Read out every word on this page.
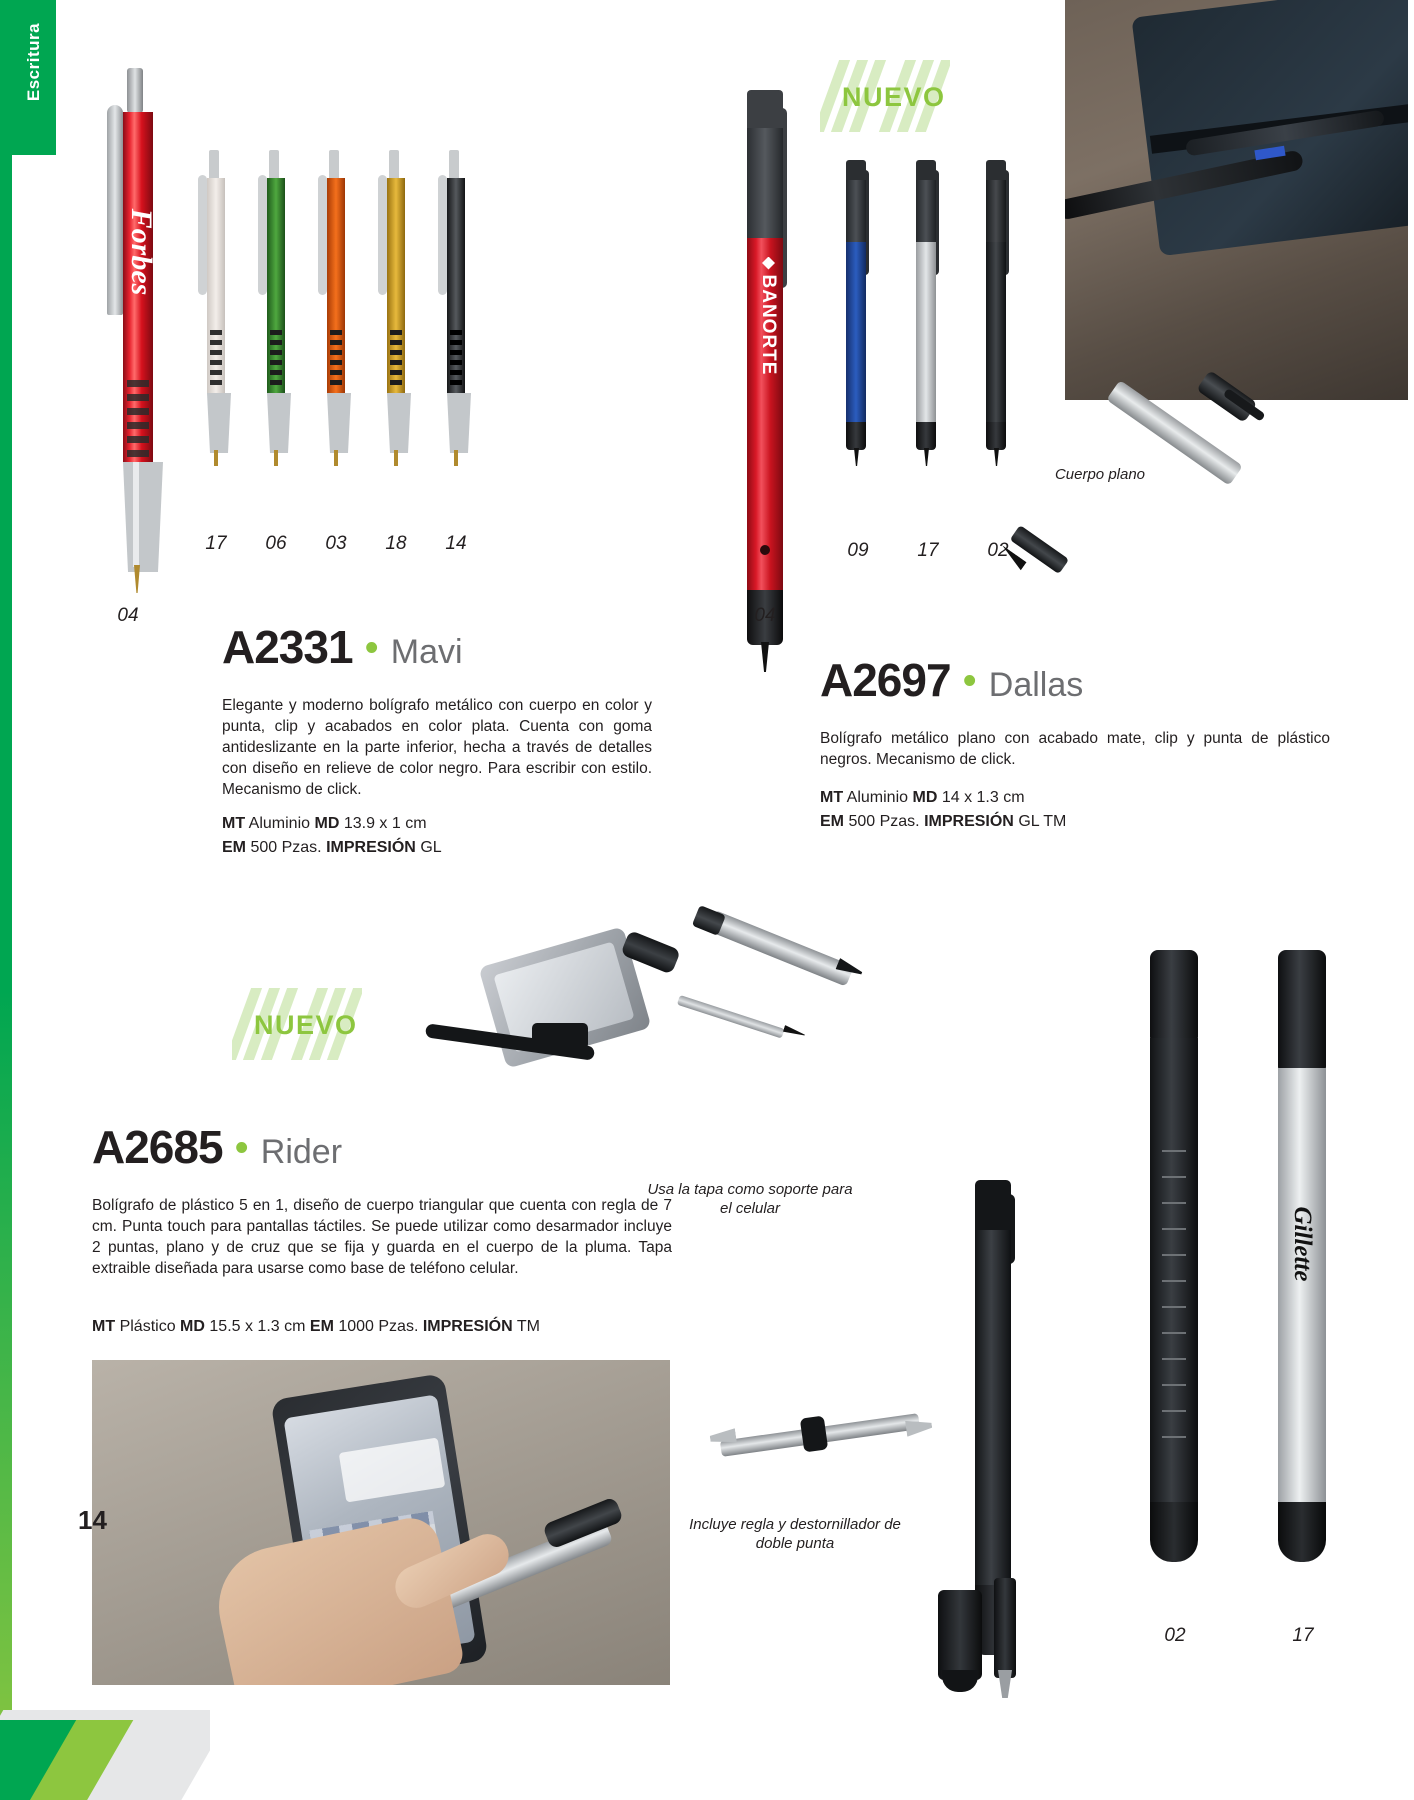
Escritura
Forbes
04
17	06	03	18	14
A2331 • Mavi
Elegante y moderno bolígrafo metálico con cuerpo en color y punta, clip y acabados en color plata. Cuenta con goma antideslizante en la parte inferior, hecha a través de detalles con diseño en relieve de color negro. Para escribir con estilo. Mecanismo de click.
MT Aluminio MD 13.9 x 1 cm
EM 500 Pzas. IMPRESIÓN GL
NUEVO
BANORTE
04
09	17	02
Cuerpo plano
A2697 • Dallas
Bolígrafo metálico plano con acabado mate, clip y punta de plástico negros. Mecanismo de click.
MT Aluminio MD 14 x 1.3 cm
EM 500 Pzas. IMPRESIÓN GL TM
NUEVO
Usa la tapa como soporte para el celular
A2685 • Rider
Bolígrafo de plástico 5 en 1, diseño de cuerpo triangular que cuenta con regla de 7 cm. Punta touch para pantallas táctiles. Se puede utilizar como desarmador incluye 2 puntas, plano y de cruz que se fija y guarda en el cuerpo de la pluma. Tapa extraible diseñada para usarse como base de teléfono celular.
MT Plástico MD 15.5 x 1.3 cm EM 1000 Pzas. IMPRESIÓN TM
Incluye regla y destornillador de doble punta
02
Gillette
17
14
